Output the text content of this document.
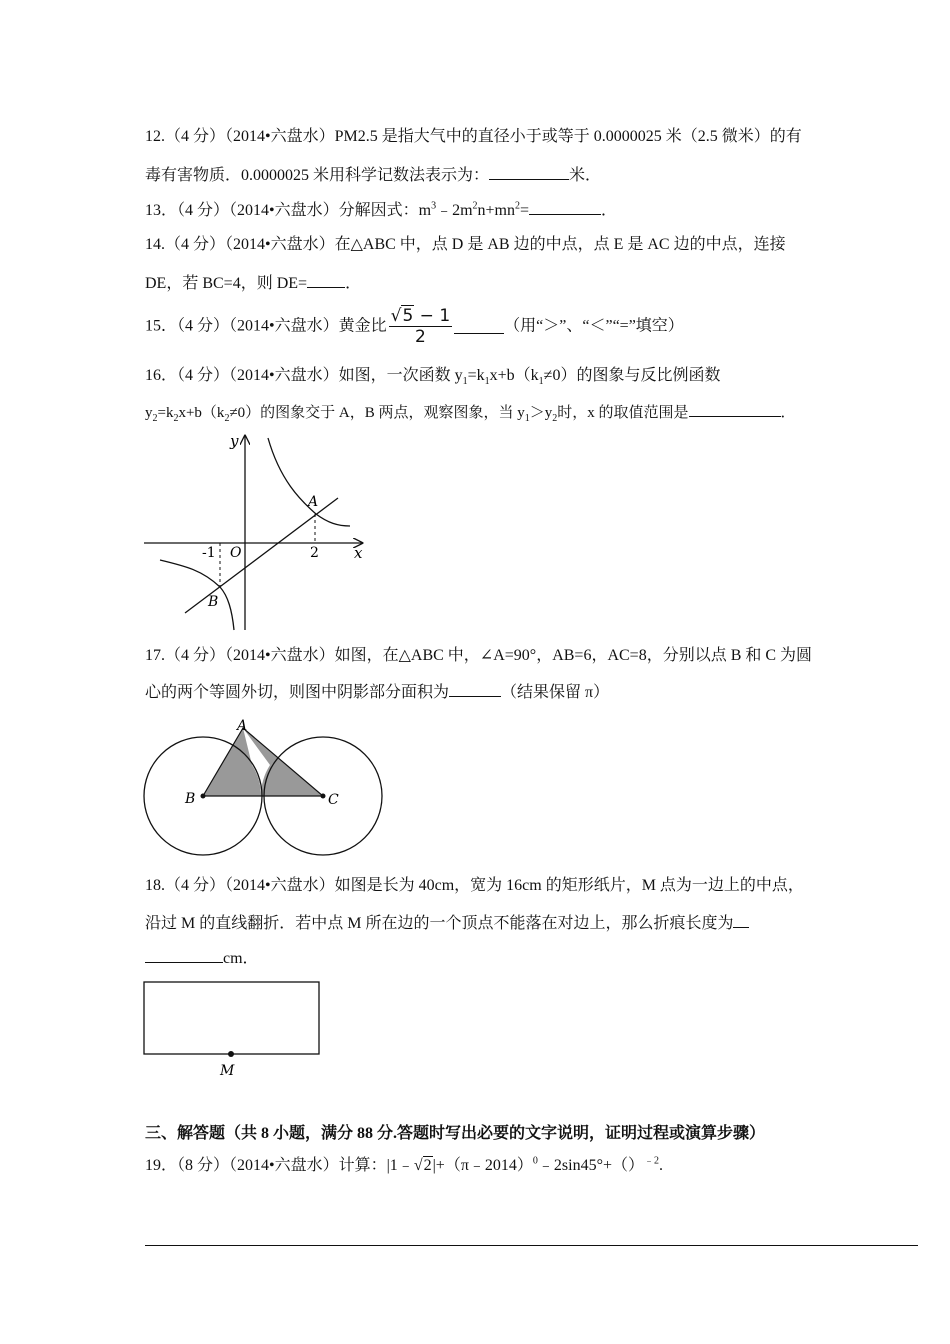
12.（4 分）（2014•六盘水）PM2.5 是指大气中的直径小于或等于 0.0000025 米（2.5 微米）的有
毒有害物质．0.0000025 米用科学记数法表示为：	米．
13．（4 分）（2014•六盘水）分解因式：$m^3﹣2m^2n+mn^2=$	．
14.（4 分）（2014•六盘水）在△ABC 中，点 D 是 AB 边的中点，点 E 是 AC 边的中点，连接
DE，若 BC=4，则 DE= ．
15．（4 分）（2014•六盘水）黄金比 $\frac{√5 - 1}{2}$	（用“＞”、“＜”“=”填空）
16．（4 分）（2014•六盘水）如图，一次函数 $y_1=k_1x+b(k_1\ne 0)$的图象与反比例函数
$y_2=k_2x+b(k_2\ne 0)$的图象交于 A，B 两点，观察图象，当 $y_1>y_2$时，x 的取值范围是	．
y
x
O
-1	2
A
B
17.（4 分）（2014•六盘水）如图，在△ABC 中，∠A=90°，AB=6，AC=8，分别以点 B 和 C 为圆
心的两个等圆外切，则图中阴影部分面积为	（结果保留 π）
A
B	C
18.（4 分）（2014•六盘水）如图是长为 40cm，宽为 16cm 的矩形纸片，M 点为一边上的中点，
沿过 M 的直线翻折．若中点 M 所在边的一个顶点不能落在对边上，那么折痕长度为
cm．
M
三、解答题（共 8 小题，满分 88 分.答题时写出必要的文字说明，证明过程或演算步骤）
19．（8 分）（2014•六盘水）计算：|1﹣√2|+（π﹣2014）$^0$﹣2sin45°+（）$^{﹣2}$.
